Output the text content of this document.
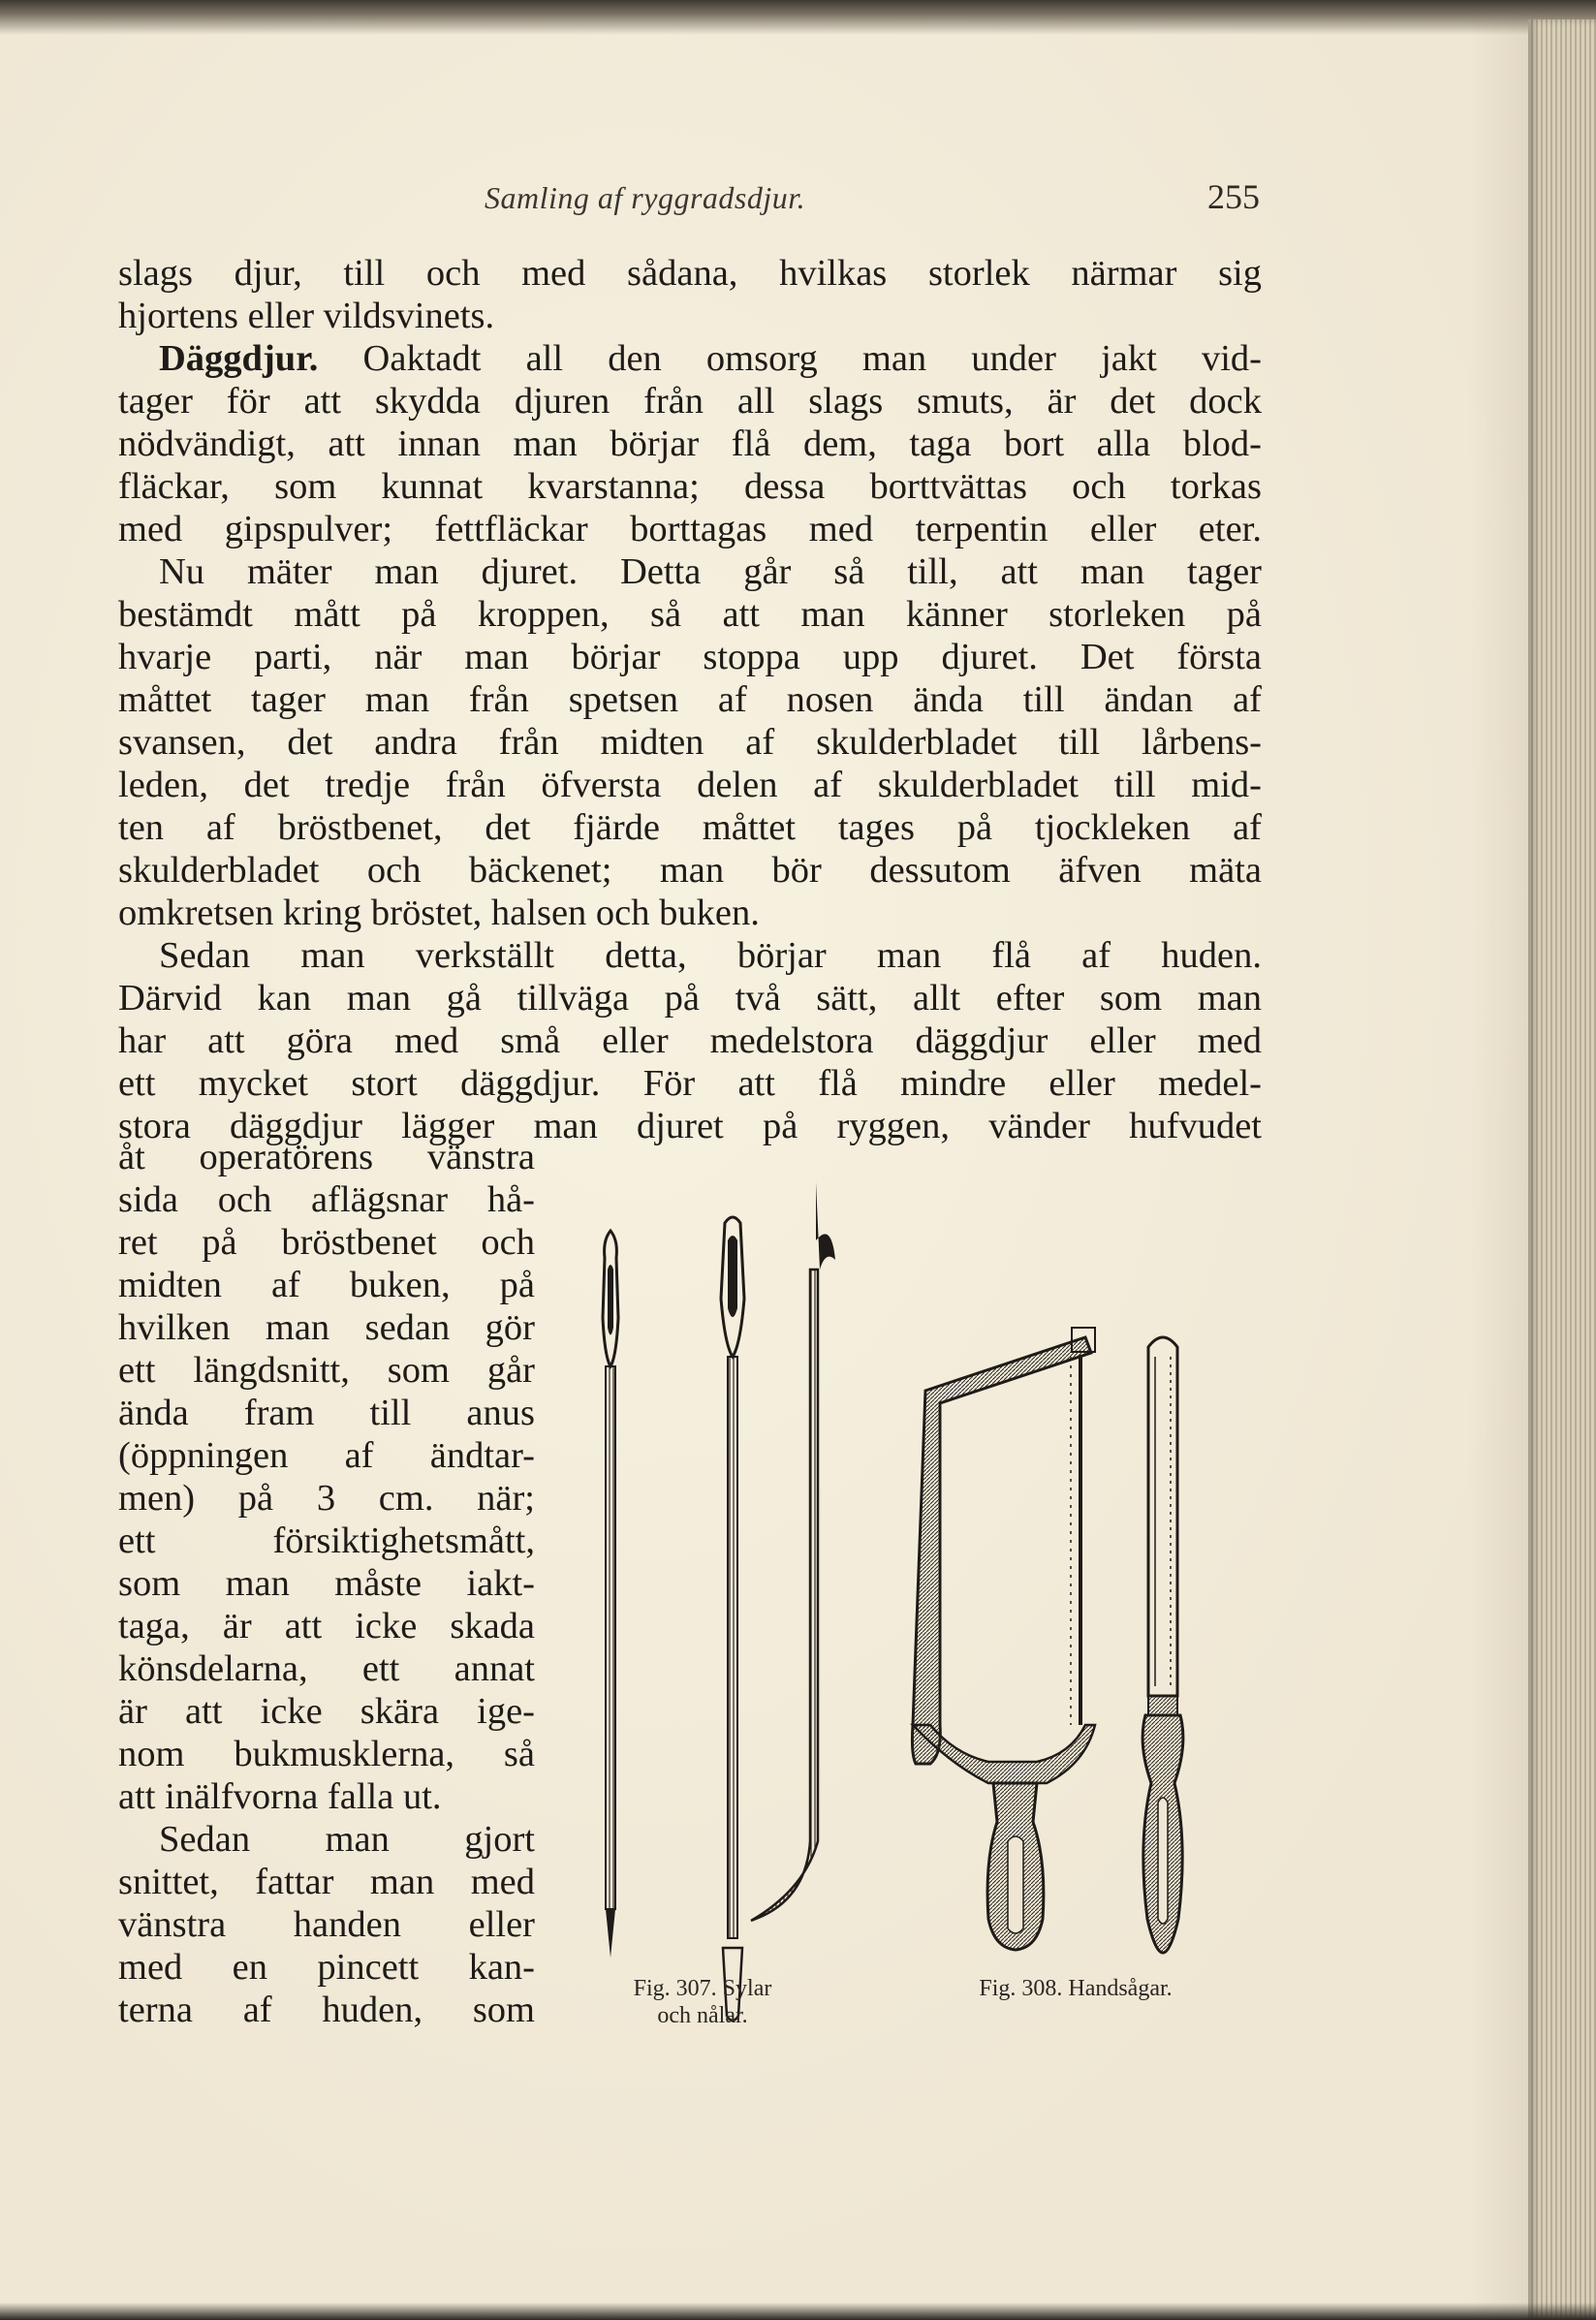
Samling af ryggradsdjur.	255
slags djur, till och med sådana, hvilkas storlek närmar sig
hjortens eller vildsvinets.
Däggdjur. Oaktadt all den omsorg man under jakt vid-
tager för att skydda djuren från all slags smuts, är det dock
nödvändigt, att innan man börjar flå dem, taga bort alla blod-
fläckar, som kunnat kvarstanna; dessa borttvättas och torkas
med gipspulver; fettfläckar borttagas med terpentin eller eter.
Nu mäter man djuret. Detta går så till, att man tager
bestämdt mått på kroppen, så att man känner storleken på
hvarje parti, när man börjar stoppa upp djuret. Det första
måttet tager man från spetsen af nosen ända till ändan af
svansen, det andra från midten af skulderbladet till lårbens-
leden, det tredje från öfversta delen af skulderbladet till mid-
ten af bröstbenet, det fjärde måttet tages på tjockleken af
skulderbladet och bäckenet; man bör dessutom äfven mäta
omkretsen kring bröstet, halsen och buken.
Sedan man verkställt detta, börjar man flå af huden.
Därvid kan man gå tillväga på två sätt, allt efter som man
har att göra med små eller medelstora däggdjur eller med
ett mycket stort däggdjur. För att flå mindre eller medel-
stora däggdjur lägger man djuret på ryggen, vänder hufvudet
åt operatörens vänstra
sida och aflägsnar hå-
ret på bröstbenet och
midten af buken, på
hvilken man sedan gör
ett längdsnitt, som går
ända fram till anus
(öppningen af ändtar-
men) på 3 cm. när;
ett försiktighetsmått,
som man måste iakt-
taga, är att icke skada
könsdelarna, ett annat
är att icke skära ige-
nom bukmusklerna, så
att inälfvorna falla ut.
Sedan man gjort
snittet, fattar man med
vänstra handen eller
med en pincett kan-
terna af huden, som
Fig. 307. Sylar
och nålar.
Fig. 308. Handsågar.
